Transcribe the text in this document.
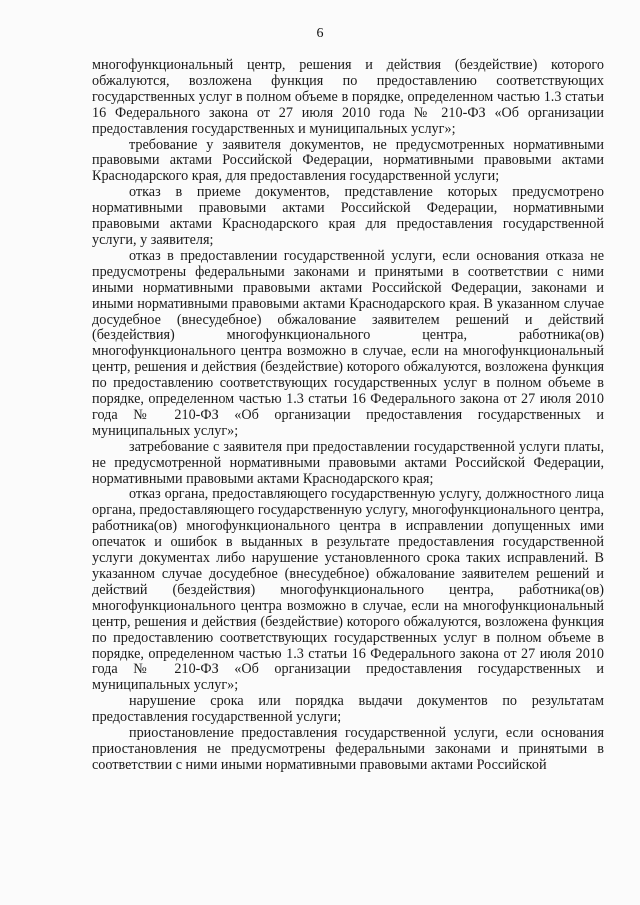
6

многофункциональный центр, решения и действия (бездействие) которого обжалуются, возложена функция по предоставлению соответствующих государственных услуг в полном объеме в порядке, определенном частью 1.3 статьи 16 Федерального закона от 27 июля 2010 года № 210-ФЗ «Об организации предоставления государственных и муниципальных услуг»;

требование у заявителя документов, не предусмотренных нормативными правовыми актами Российской Федерации, нормативными правовыми актами Краснодарского края, для предоставления государственной услуги;

отказ в приеме документов, представление которых предусмотрено нормативными правовыми актами Российской Федерации, нормативными правовыми актами Краснодарского края для предоставления государственной услуги, у заявителя;

отказ в предоставлении государственной услуги, если основания отказа не предусмотрены федеральными законами и принятыми в соответствии с ними иными нормативными правовыми актами Российской Федерации, законами и иными нормативными правовыми актами Краснодарского края. В указанном случае досудебное (внесудебное) обжалование заявителем решений и действий (бездействия) многофункционального центра, работника(ов) многофункционального центра возможно в случае, если на многофункциональный центр, решения и действия (бездействие) которого обжалуются, возложена функция по предоставлению соответствующих государственных услуг в полном объеме в порядке, определенном частью 1.3 статьи 16 Федерального закона от 27 июля 2010 года № 210-ФЗ «Об организации предоставления государственных и муниципальных услуг»;

затребование с заявителя при предоставлении государственной услуги платы, не предусмотренной нормативными правовыми актами Российской Федерации, нормативными правовыми актами Краснодарского края;

отказ органа, предоставляющего государственную услугу, должностного лица органа, предоставляющего государственную услугу, многофункционального центра, работника(ов) многофункционального центра в исправлении допущенных ими опечаток и ошибок в выданных в результате предоставления государственной услуги документах либо нарушение установленного срока таких исправлений. В указанном случае досудебное (внесудебное) обжалование заявителем решений и действий (бездействия) многофункционального центра, работника(ов) многофункционального центра возможно в случае, если на многофункциональный центр, решения и действия (бездействие) которого обжалуются, возложена функция по предоставлению соответствующих государственных услуг в полном объеме в порядке, определенном частью 1.3 статьи 16 Федерального закона от 27 июля 2010 года № 210-ФЗ «Об организации предоставления государственных и муниципальных услуг»;

нарушение срока или порядка выдачи документов по результатам предоставления государственной услуги;

приостановление предоставления государственной услуги, если основания приостановления не предусмотрены федеральными законами и принятыми в соответствии с ними иными нормативными правовыми актами Российской
